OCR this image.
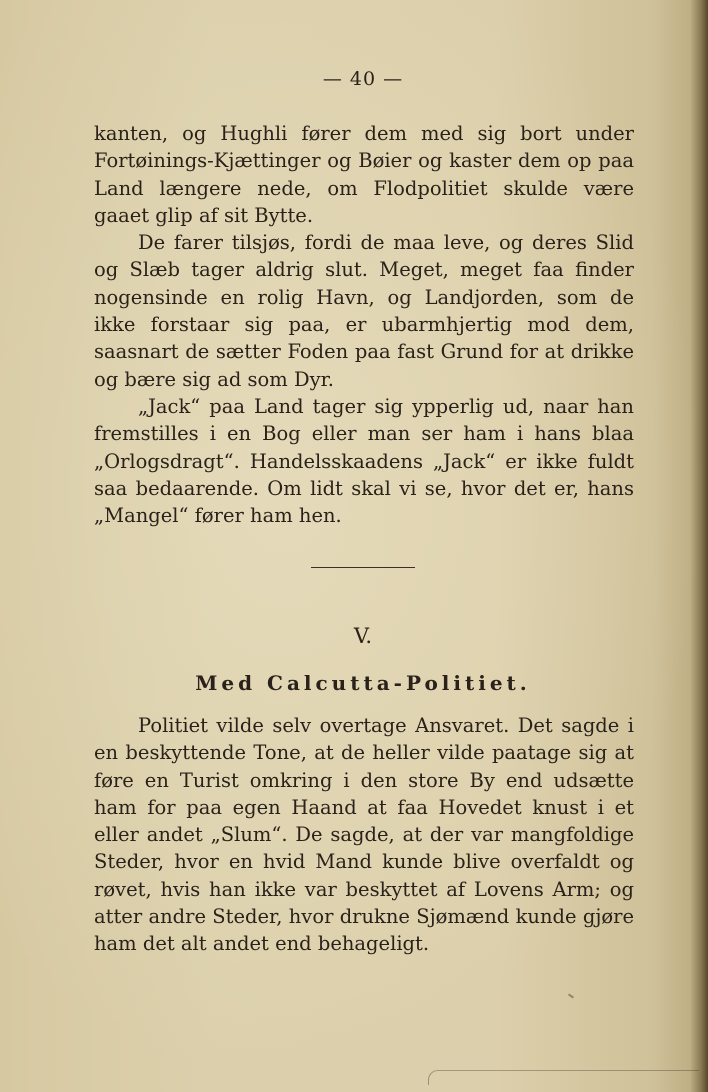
— 40 —

kanten, og Hughli fører dem med sig bort under Fortøinings-Kjættinger og Bøier og kaster dem op paa Land længere nede, om Flodpolitiet skulde være gaaet glip af sit Bytte.

De farer tilsjøs, fordi de maa leve, og deres Slid og Slæb tager aldrig slut. Meget, meget faa finder nogensinde en rolig Havn, og Landjorden, som de ikke forstaar sig paa, er ubarmhjertig mod dem, saasnart de sætter Foden paa fast Grund for at drikke og bære sig ad som Dyr.

„Jack“ paa Land tager sig ypperlig ud, naar han fremstilles i en Bog eller man ser ham i hans blaa „Orlogsdragt“. Handelsskaadens „Jack“ er ikke fuldt saa bedaarende. Om lidt skal vi se, hvor det er, hans „Mangel“ fører ham hen.

V.
Med Calcutta-Politiet.

Politiet vilde selv overtage Ansvaret. Det sagde i en beskyttende Tone, at de heller vilde paatage sig at føre en Turist omkring i den store By end udsætte ham for paa egen Haand at faa Hovedet knust i et eller andet „Slum“. De sagde, at der var mangfoldige Steder, hvor en hvid Mand kunde blive overfaldt og røvet, hvis han ikke var beskyttet af Lovens Arm; og atter andre Steder, hvor drukne Sjømænd kunde gjøre ham det alt andet end behageligt.
